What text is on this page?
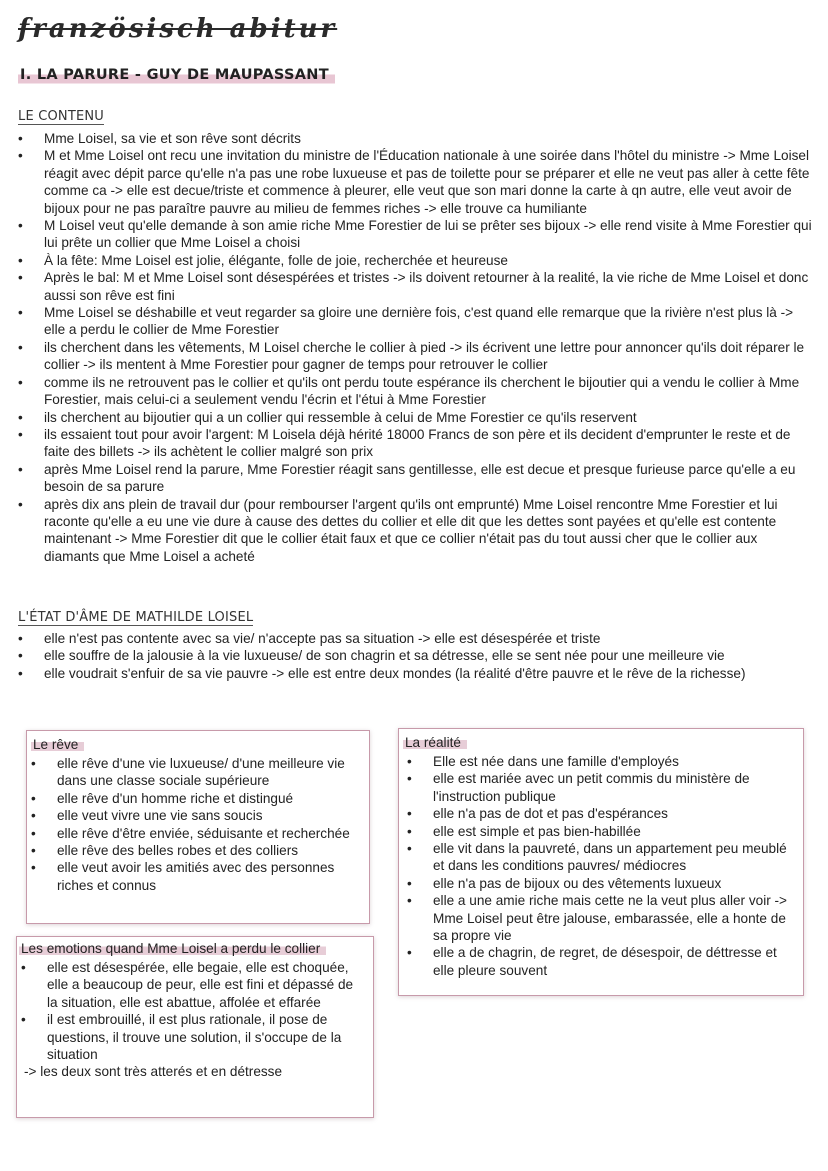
französisch abitur
I. LA PARURE - GUY DE MAUPASSANT
LE CONTENU
• Mme Loisel, sa vie et son rêve sont décrits
• M et Mme Loisel ont recu une invitation du ministre de l'Éducation nationale à une soirée dans l'hôtel du ministre -> Mme Loisel réagit avec dépit parce qu'elle n'a pas une robe luxueuse et pas de toilette pour se préparer et elle ne veut pas aller à cette fête comme ca -> elle est decue/triste et commence à pleurer, elle veut que son mari donne la carte à qn autre, elle veut avoir de bijoux pour ne pas paraître pauvre au milieu de femmes riches -> elle trouve ca humiliante
• M Loisel veut qu'elle demande à son amie riche Mme Forestier de lui se prêter ses bijoux -> elle rend visite à Mme Forestier qui lui prête un collier que Mme Loisel a choisi
• À la fête: Mme Loisel est jolie, élégante, folle de joie, recherchée et heureuse
• Après le bal: M et Mme Loisel sont désespérées et tristes -> ils doivent retourner à la realité, la vie riche de Mme Loisel et donc aussi son rêve est fini
• Mme Loisel se déshabille et veut regarder sa gloire une dernière fois, c'est quand elle remarque que la rivière n'est plus là -> elle a perdu le collier de Mme Forestier
• ils cherchent dans les vêtements, M Loisel cherche le collier à pied -> ils écrivent une lettre pour annoncer qu'ils doit réparer le collier -> ils mentent à Mme Forestier pour gagner de temps pour retrouver le collier
• comme ils ne retrouvent pas le collier et qu'ils ont perdu toute espérance ils cherchent le bijoutier qui a vendu le collier à Mme Forestier, mais celui-ci a seulement vendu l'écrin et l'étui à Mme Forestier
• ils cherchent au bijoutier qui a un collier qui ressemble à celui de Mme Forestier ce qu'ils reservent
• ils essaient tout pour avoir l'argent: M Loisela déjà hérité 18000 Francs de son père et ils decident d'emprunter le reste et de faite des billets -> ils achètent le collier malgré son prix
• après Mme Loisel rend la parure, Mme Forestier réagit sans gentillesse, elle est decue et presque furieuse parce qu'elle a eu besoin de sa parure
• après dix ans plein de travail dur (pour rembourser l'argent qu'ils ont emprunté) Mme Loisel rencontre Mme Forestier et lui raconte qu'elle a eu une vie dure à cause des dettes du collier et elle dit que les dettes sont payées et qu'elle est contente maintenant -> Mme Forestier dit que le collier était faux et que ce collier n'était pas du tout aussi cher que le collier aux diamants que Mme Loisel a acheté
L'ÉTAT D'ÂME DE MATHILDE LOISEL
• elle n'est pas contente avec sa vie/ n'accepte pas sa situation -> elle est désespérée et triste
• elle souffre de la jalousie à la vie luxueuse/ de son chagrin et sa détresse, elle se sent née pour une meilleure vie
• elle voudrait s'enfuir de sa vie pauvre -> elle est entre deux mondes (la réalité d'être pauvre et le rêve de la richesse)
Le rêve
• elle rêve d'une vie luxueuse/ d'une meilleure vie dans une classe sociale supérieure
• elle rêve d'un homme riche et distingué
• elle veut vivre une vie sans soucis
• elle rêve d'être enviée, séduisante et recherchée
• elle rêve des belles robes et des colliers
• elle veut avoir les amitiés avec des personnes riches et connus
La réalité
• Elle est née dans une famille d'employés
• elle est mariée avec un petit commis du ministère de l'instruction publique
• elle n'a pas de dot et pas d'espérances
• elle est simple et pas bien-habillée
• elle vit dans la pauvreté, dans un appartement peu meublé et dans les conditions pauvres/ médiocres
• elle n'a pas de bijoux ou des vêtements luxueux
• elle a une amie riche mais cette ne la veut plus aller voir -> Mme Loisel peut être jalouse, embarassée, elle a honte de sa propre vie
• elle a de chagrin, de regret, de désespoir, de déttresse et elle pleure souvent
Les emotions quand Mme Loisel a perdu le collier
• elle est désespérée, elle begaie, elle est choquée, elle a beaucoup de peur, elle est fini et dépassé de la situation, elle est abattue, affolée et effarée
• il est embrouillé, il est plus rationale, il pose de questions, il trouve une solution, il s'occupe de la situation
-> les deux sont très atterés et en détresse
